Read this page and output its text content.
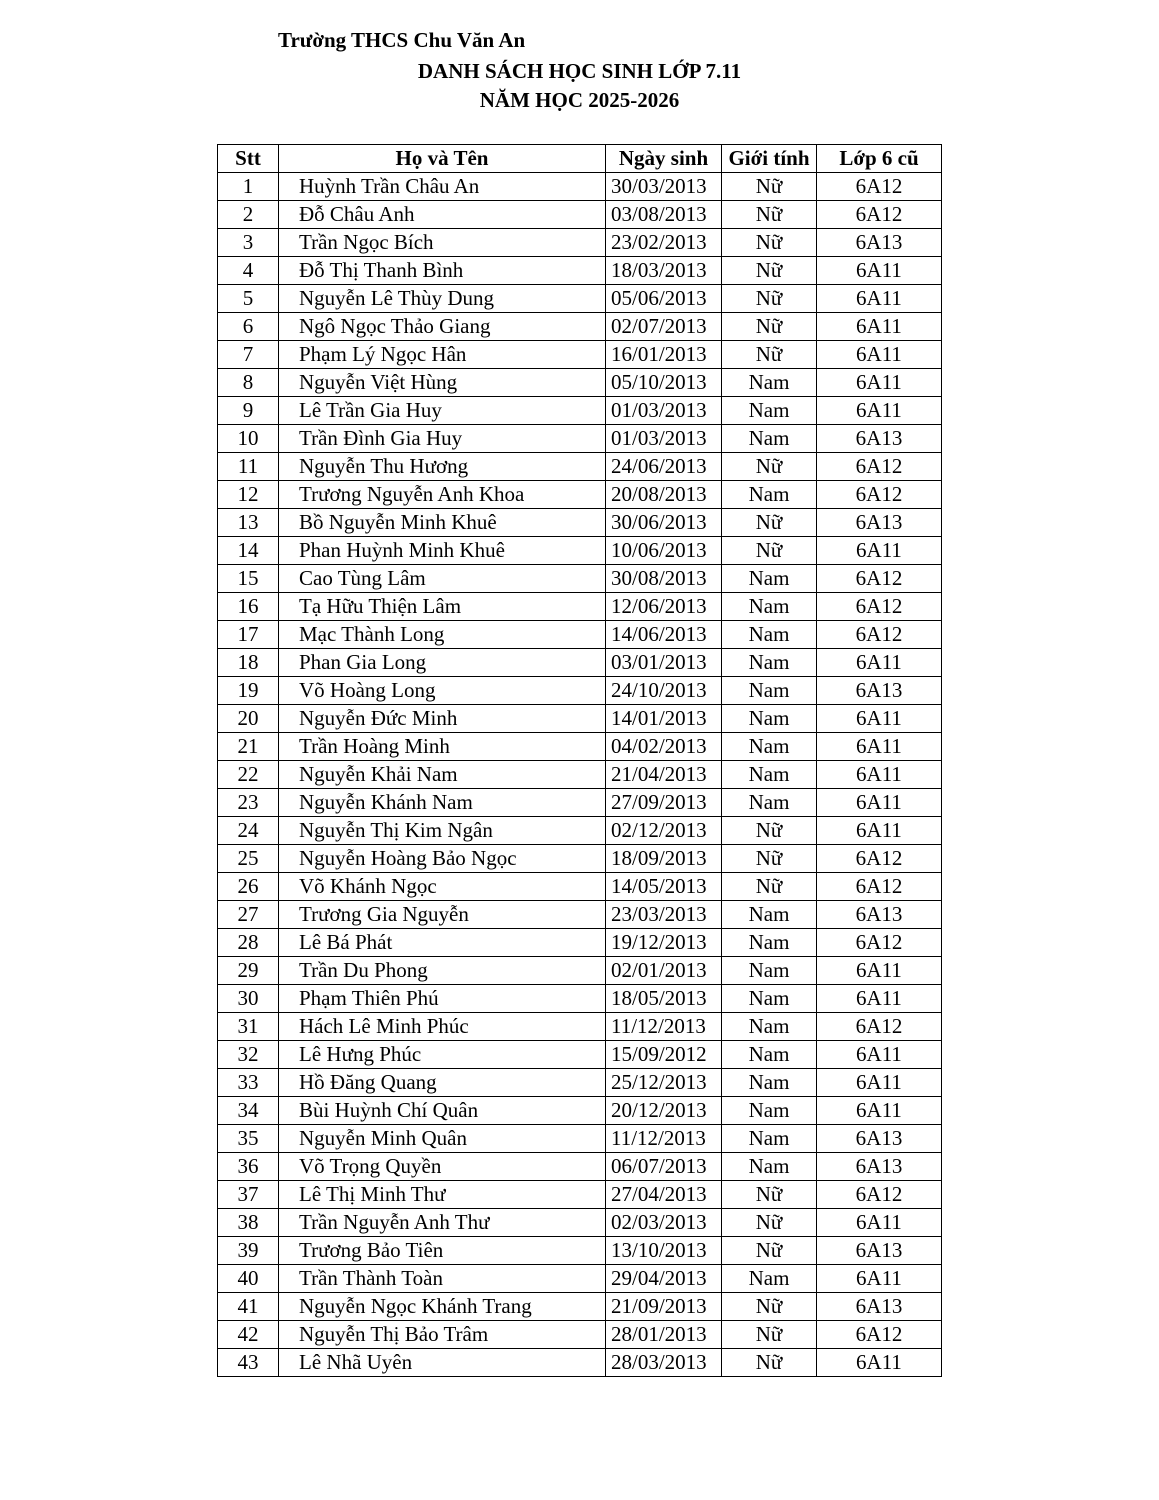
Trường THCS Chu Văn An
DANH SÁCH HỌC SINH LỚP 7.11
NĂM HỌC 2025-2026
Stt	Họ và Tên	Ngày sinh	Giới tính	Lớp 6 cũ
1	Huỳnh Trần Châu An	30/03/2013	Nữ	6A12
2	Đỗ Châu Anh	03/08/2013	Nữ	6A12
3	Trần Ngọc Bích	23/02/2013	Nữ	6A13
4	Đỗ Thị Thanh Bình	18/03/2013	Nữ	6A11
5	Nguyễn Lê Thùy Dung	05/06/2013	Nữ	6A11
6	Ngô Ngọc Thảo Giang	02/07/2013	Nữ	6A11
7	Phạm Lý Ngọc Hân	16/01/2013	Nữ	6A11
8	Nguyễn Việt Hùng	05/10/2013	Nam	6A11
9	Lê Trần Gia Huy	01/03/2013	Nam	6A11
10	Trần Đình Gia Huy	01/03/2013	Nam	6A13
11	Nguyễn Thu Hương	24/06/2013	Nữ	6A12
12	Trương Nguyễn Anh Khoa	20/08/2013	Nam	6A12
13	Bồ Nguyễn Minh Khuê	30/06/2013	Nữ	6A13
14	Phan Huỳnh Minh Khuê	10/06/2013	Nữ	6A11
15	Cao Tùng Lâm	30/08/2013	Nam	6A12
16	Tạ Hữu Thiện Lâm	12/06/2013	Nam	6A12
17	Mạc Thành Long	14/06/2013	Nam	6A12
18	Phan Gia Long	03/01/2013	Nam	6A11
19	Võ Hoàng Long	24/10/2013	Nam	6A13
20	Nguyễn Đức Minh	14/01/2013	Nam	6A11
21	Trần Hoàng Minh	04/02/2013	Nam	6A11
22	Nguyễn Khải Nam	21/04/2013	Nam	6A11
23	Nguyễn Khánh Nam	27/09/2013	Nam	6A11
24	Nguyễn Thị Kim Ngân	02/12/2013	Nữ	6A11
25	Nguyễn Hoàng Bảo Ngọc	18/09/2013	Nữ	6A12
26	Võ Khánh Ngọc	14/05/2013	Nữ	6A12
27	Trương Gia Nguyễn	23/03/2013	Nam	6A13
28	Lê Bá Phát	19/12/2013	Nam	6A12
29	Trần Du Phong	02/01/2013	Nam	6A11
30	Phạm Thiên Phú	18/05/2013	Nam	6A11
31	Hách Lê Minh Phúc	11/12/2013	Nam	6A12
32	Lê Hưng Phúc	15/09/2012	Nam	6A11
33	Hồ Đăng Quang	25/12/2013	Nam	6A11
34	Bùi Huỳnh Chí Quân	20/12/2013	Nam	6A11
35	Nguyễn Minh Quân	11/12/2013	Nam	6A13
36	Võ Trọng Quyền	06/07/2013	Nam	6A13
37	Lê Thị Minh Thư	27/04/2013	Nữ	6A12
38	Trần Nguyễn Anh Thư	02/03/2013	Nữ	6A11
39	Trương Bảo Tiên	13/10/2013	Nữ	6A13
40	Trần Thành Toàn	29/04/2013	Nam	6A11
41	Nguyễn Ngọc Khánh Trang	21/09/2013	Nữ	6A13
42	Nguyễn Thị Bảo Trâm	28/01/2013	Nữ	6A12
43	Lê Nhã Uyên	28/03/2013	Nữ	6A11
